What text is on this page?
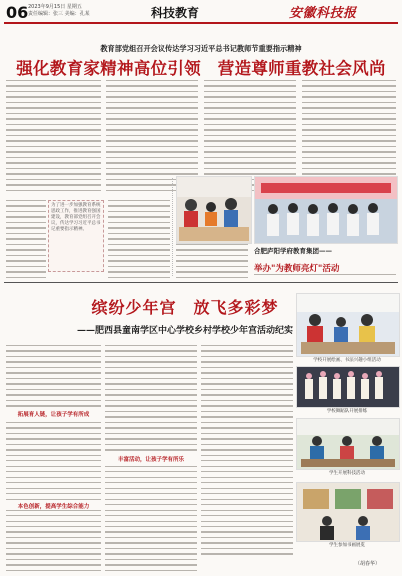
06 2023年9月15日 星期五
责任编辑：张三 美编：孔某	科技教育	安徽科技报
教育部党组召开会议传达学习习近平总书记教师节重要指示精神
强化教育家精神高位引领　营造尊师重教社会风尚
为了进一步加强教育系统思政工作，推进教育强国建设，教育部党组召开会议，传达学习习近平总书记重要指示精神。
合肥庐阳学府教育集团——
举办"为教师亮灯"活动
缤纷少年宫　放飞多彩梦
——肥西县童南学区中心学校乡村学校少年宫活动纪实
拓展育人链，让孩子学有所成
本色创新，提高学生综合能力
丰富活动，让孩子学有所乐
（胡春华）
学校开展绘画、书法兴趣小组活动
学校舞蹈队开展排练
学生开展科技活动
学生参加书画展览
